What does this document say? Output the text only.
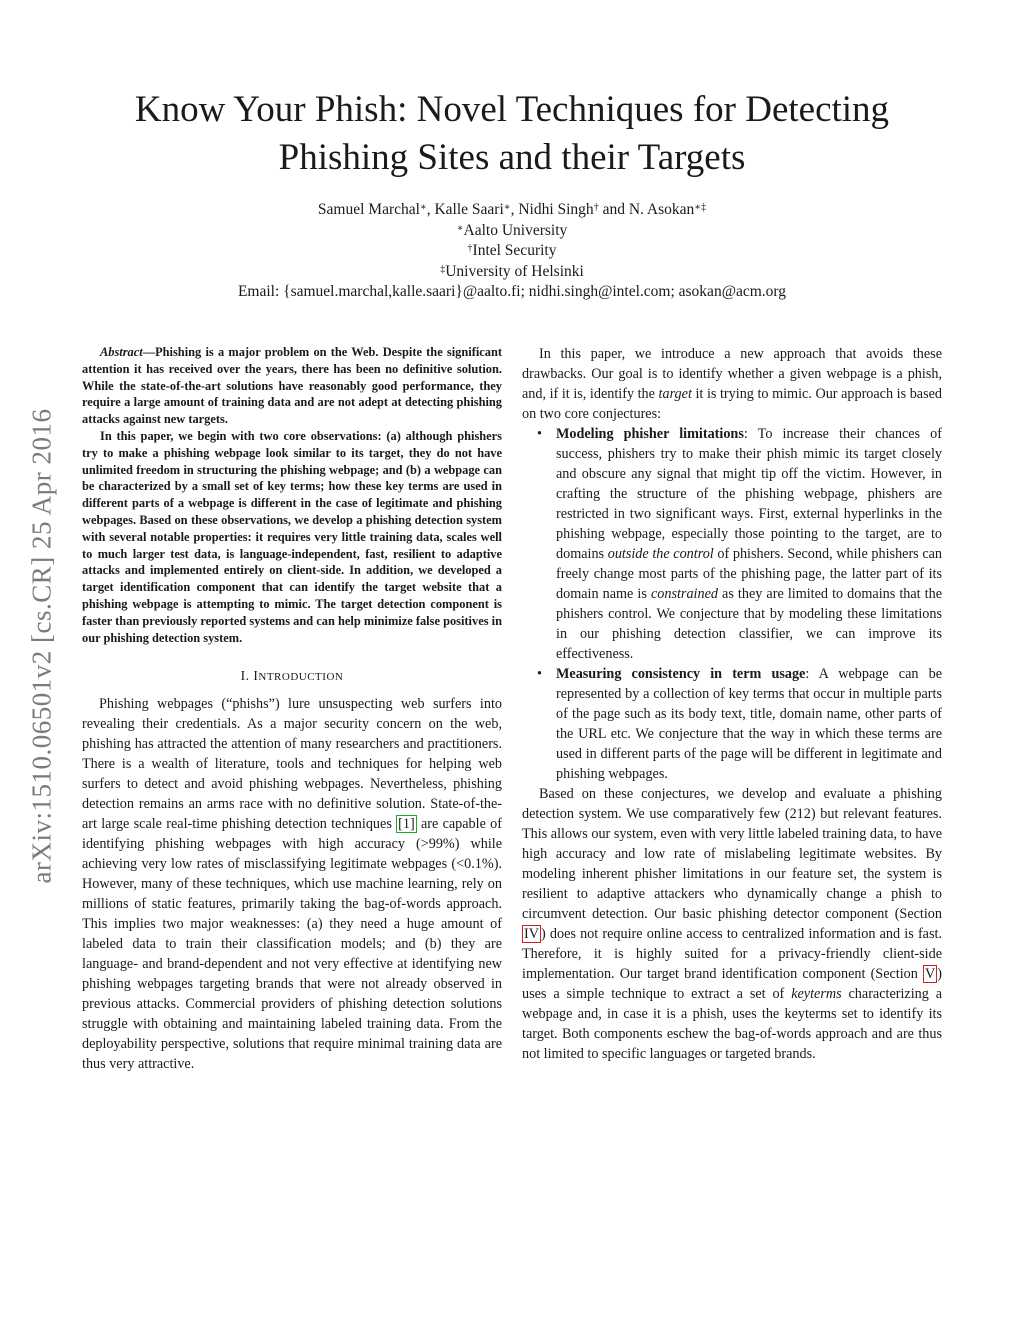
Know Your Phish: Novel Techniques for Detecting
Phishing Sites and their Targets
Samuel Marchal∗, Kalle Saari∗, Nidhi Singh† and N. Asokan∗‡
∗Aalto University
†Intel Security
‡University of Helsinki
Email: {samuel.marchal,kalle.saari}@aalto.fi; nidhi.singh@intel.com; asokan@acm.org
arXiv:1510.06501v2 [cs.CR] 25 Apr 2016

Abstract—Phishing is a major problem on the Web. Despite the significant attention it has received over the years, there has been no definitive solution. While the state-of-the-art solutions have reasonably good performance, they require a large amount of training data and are not adept at detecting phishing attacks against new targets.

In this paper, we begin with two core observations: (a) although phishers try to make a phishing webpage look similar to its target, they do not have unlimited freedom in structuring the phishing webpage; and (b) a webpage can be characterized by a small set of key terms; how these key terms are used in different parts of a webpage is different in the case of legitimate and phishing webpages. Based on these observations, we develop a phishing detection system with several notable properties: it requires very little training data, scales well to much larger test data, is language-independent, fast, resilient to adaptive attacks and implemented entirely on client-side. In addition, we developed a target identification component that can identify the target website that a phishing webpage is attempting to mimic. The target detection component is faster than previously reported systems and can help minimize false positives in our phishing detection system.

I. INTRODUCTION

Phishing webpages (“phishs”) lure unsuspecting web surfers into revealing their credentials. As a major security concern on the web, phishing has attracted the attention of many researchers and practitioners. There is a wealth of literature, tools and techniques for helping web surfers to detect and avoid phishing webpages. Nevertheless, phishing detection remains an arms race with no definitive solution. State-of-the-art large scale real-time phishing detection techniques [1] are capable of identifying phishing webpages with high accuracy (>99%) while achieving very low rates of misclassifying legitimate webpages (<0.1%). However, many of these techniques, which use machine learning, rely on millions of static features, primarily taking the bag-of-words approach. This implies two major weaknesses: (a) they need a huge amount of labeled data to train their classification models; and (b) they are language- and brand-dependent and not very effective at identifying new phishing webpages targeting brands that were not already observed in previous attacks. Commercial providers of phishing detection solutions struggle with obtaining and maintaining labeled training data. From the deployability perspective, solutions that require minimal training data are thus very attractive.

In this paper, we introduce a new approach that avoids these drawbacks. Our goal is to identify whether a given webpage is a phish, and, if it is, identify the target it is trying to mimic. Our approach is based on two core conjectures:

• Modeling phisher limitations: To increase their chances of success, phishers try to make their phish mimic its target closely and obscure any signal that might tip off the victim. However, in crafting the structure of the phishing webpage, phishers are restricted in two significant ways. First, external hyperlinks in the phishing webpage, especially those pointing to the target, are to domains outside the control of phishers. Second, while phishers can freely change most parts of the phishing page, the latter part of its domain name is constrained as they are limited to domains that the phishers control. We conjecture that by modeling these limitations in our phishing detection classifier, we can improve its effectiveness.
• Measuring consistency in term usage: A webpage can be represented by a collection of key terms that occur in multiple parts of the page such as its body text, title, domain name, other parts of the URL etc. We conjecture that the way in which these terms are used in different parts of the page will be different in legitimate and phishing webpages.

Based on these conjectures, we develop and evaluate a phishing detection system. We use comparatively few (212) but relevant features. This allows our system, even with very little labeled training data, to have high accuracy and low rate of mislabeling legitimate websites. By modeling inherent phisher limitations in our feature set, the system is resilient to adaptive attackers who dynamically change a phish to circumvent detection. Our basic phishing detector component (Section IV ) does not require online access to centralized information and is fast. Therefore, it is highly suited for a privacy-friendly client-side implementation. Our target brand identification component (Section V ) uses a simple technique to extract a set of keyterms characterizing a webpage and, in case it is a phish, uses the keyterms set to identify its target. Both components eschew the bag-of-words approach and are thus not limited to specific languages or targeted brands.
